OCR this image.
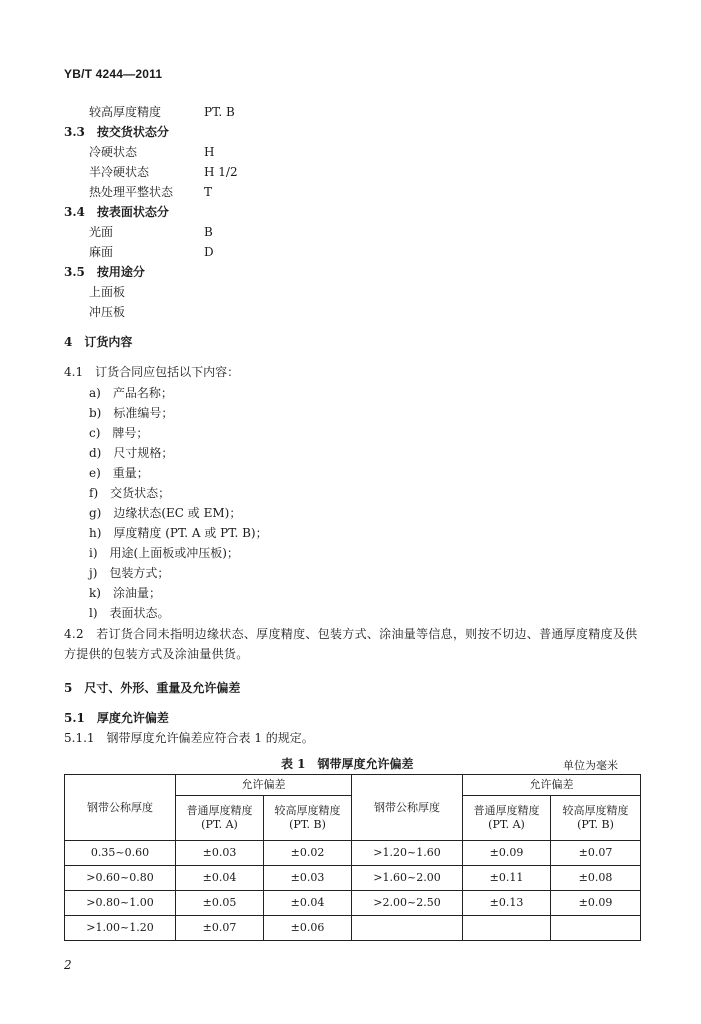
YB/T 4244—2011
较高厚度精度	PT. B
3.3　按交货状态分
冷硬状态	H
半冷硬状态	H 1/2
热处理平整状态	T
3.4　按表面状态分
光面	B
麻面	D
3.5　按用途分
上面板
冲压板
4　订货内容
4.1　订货合同应包括以下内容：
a)　产品名称；
b)　标准编号；
c)　牌号；
d)　尺寸规格；
e)　重量；
f)　交货状态；
g)　边缘状态(EC 或 EM)；
h)　厚度精度 (PT. A 或 PT. B)；
i)　用途(上面板或冲压板)；
j)　包装方式；
k)　涂油量；
l)　表面状态。
4.2　若订货合同未指明边缘状态、厚度精度、包装方式、涂油量等信息，则按不切边、普通厚度精度及供方提供的包装方式及涂油量供货。
5　尺寸、外形、重量及允许偏差
5.1　厚度允许偏差
5.1.1　钢带厚度允许偏差应符合表 1 的规定。
表 1　钢带厚度允许偏差	单位为毫米
钢带公称厚度	允许偏差		钢带公称厚度	允许偏差	
	普通厚度精度
(PT. A)	较高厚度精度
(PT. B)		普通厚度精度
(PT. A)	较高厚度精度
(PT. B)
0.35~0.60	±0.03	±0.02	>1.20~1.60	±0.09	±0.07
>0.60~0.80	±0.04	±0.03	>1.60~2.00	±0.11	±0.08
>0.80~1.00	±0.05	±0.04	>2.00~2.50	±0.13	±0.09
>1.00~1.20	±0.07	±0.06			
2
